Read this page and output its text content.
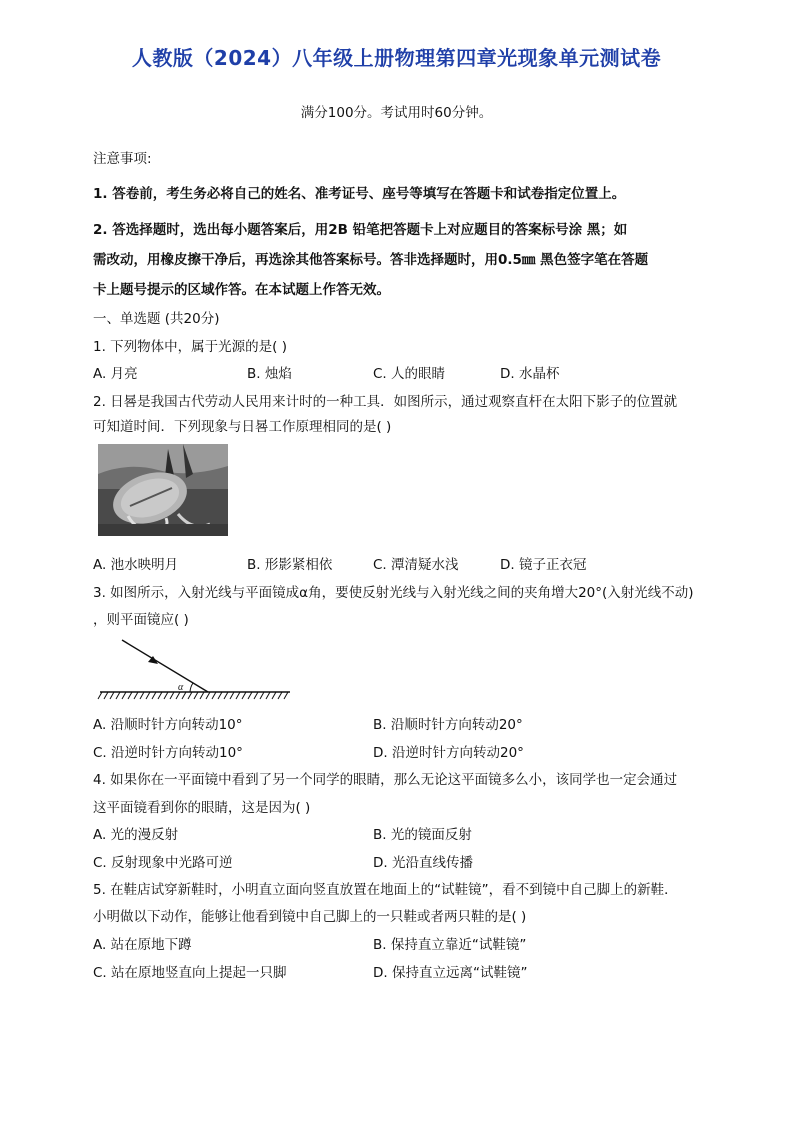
人教版（2024）八年级上册物理第四章光现象单元测试卷
满分100分。考试用时60分钟。
注意事项:
1. 答卷前，考生务必将自己的姓名、准考证号、座号等填写在答题卡和试卷指定位置上。
2. 答选择题时，选出每小题答案后，用2B 铅笔把答题卡上对应题目的答案标号涂 黑；如
需改动，用橡皮擦干净后，再选涂其他答案标号。答非选择题时，用0.5㎜ 黑色签字笔在答题
卡上题号提示的区域作答。在本试题上作答无效。
一、单选题 (共20分)
1. 下列物体中，属于光源的是( )
A. 月亮	B. 烛焰	C. 人的眼睛	D. 水晶杯
2. 日晷是我国古代劳动人民用来计时的一种工具．如图所示，通过观察直杆在太阳下影子的位置就
可知道时间．下列现象与日晷工作原理相同的是( )
A. 池水映明月	B. 形影紧相依	C. 潭清疑水浅	D. 镜子正衣冠
3. 如图所示，入射光线与平面镜成α角，要使反射光线与入射光线之间的夹角增大20°(入射光线不动)
，则平面镜应( )
α
A. 沿顺时针方向转动10°	B. 沿顺时针方向转动20°
C. 沿逆时针方向转动10°	D. 沿逆时针方向转动20°
4. 如果你在一平面镜中看到了另一个同学的眼睛，那么无论这平面镜多么小，该同学也一定会通过
这平面镜看到你的眼睛，这是因为( )
A. 光的漫反射	B. 光的镜面反射
C. 反射现象中光路可逆	D. 光沿直线传播
5. 在鞋店试穿新鞋时，小明直立面向竖直放置在地面上的“试鞋镜”，看不到镜中自己脚上的新鞋．
小明做以下动作，能够让他看到镜中自己脚上的一只鞋或者两只鞋的是( )
A. 站在原地下蹲	B. 保持直立靠近“试鞋镜”
C. 站在原地竖直向上提起一只脚	D. 保持直立远离“试鞋镜”
